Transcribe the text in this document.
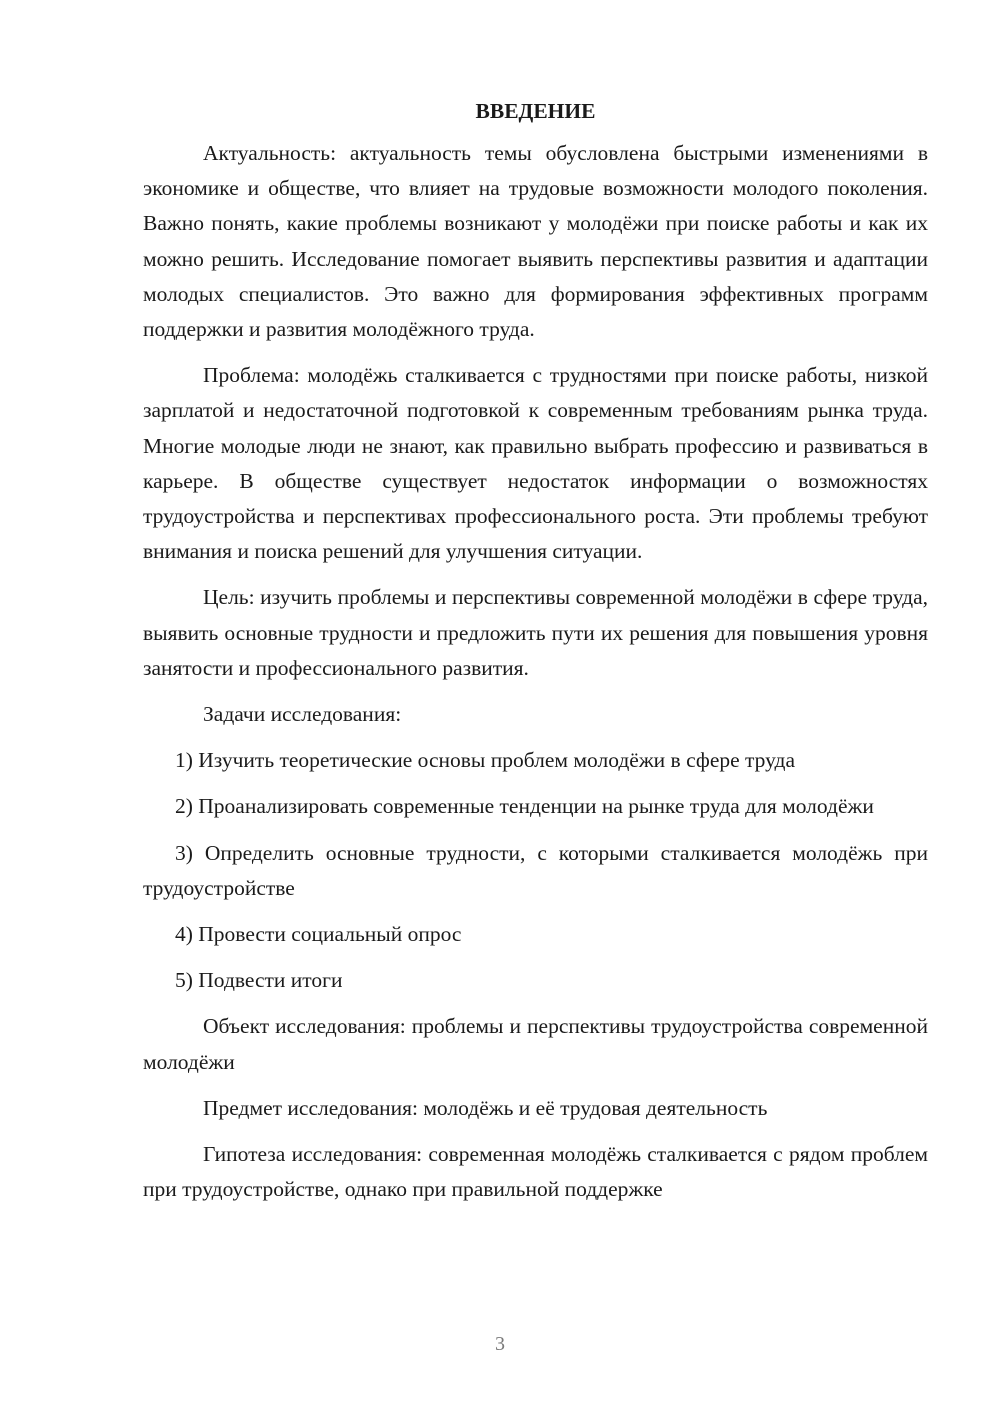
ВВЕДЕНИЕ

Актуальность: актуальность темы обусловлена быстрыми изменениями в экономике и обществе, что влияет на трудовые возможности молодого поколения. Важно понять, какие проблемы возникают у молодёжи при поиске работы и как их можно решить. Исследование помогает выявить перспективы развития и адаптации молодых специалистов. Это важно для формирования эффективных программ поддержки и развития молодёжного труда.

Проблема: молодёжь сталкивается с трудностями при поиске работы, низкой зарплатой и недостаточной подготовкой к современным требованиям рынка труда. Многие молодые люди не знают, как правильно выбрать профессию и развиваться в карьере. В обществе существует недостаток информации о возможностях трудоустройства и перспективах профессионального роста. Эти проблемы требуют внимания и поиска решений для улучшения ситуации.

Цель: изучить проблемы и перспективы современной молодёжи в сфере труда, выявить основные трудности и предложить пути их решения для повышения уровня занятости и профессионального развития.

Задачи исследования:

1) Изучить теоретические основы проблем молодёжи в сфере труда

2) Проанализировать современные тенденции на рынке труда для молодёжи

3) Определить основные трудности, с которыми сталкивается молодёжь при трудоустройстве

4) Провести социальный опрос

5) Подвести итоги

Объект исследования: проблемы и перспективы трудоустройства современной молодёжи

Предмет исследования: молодёжь и её трудовая деятельность

Гипотеза исследования: современная молодёжь сталкивается с рядом проблем при трудоустройстве, однако при правильной поддержке

3
